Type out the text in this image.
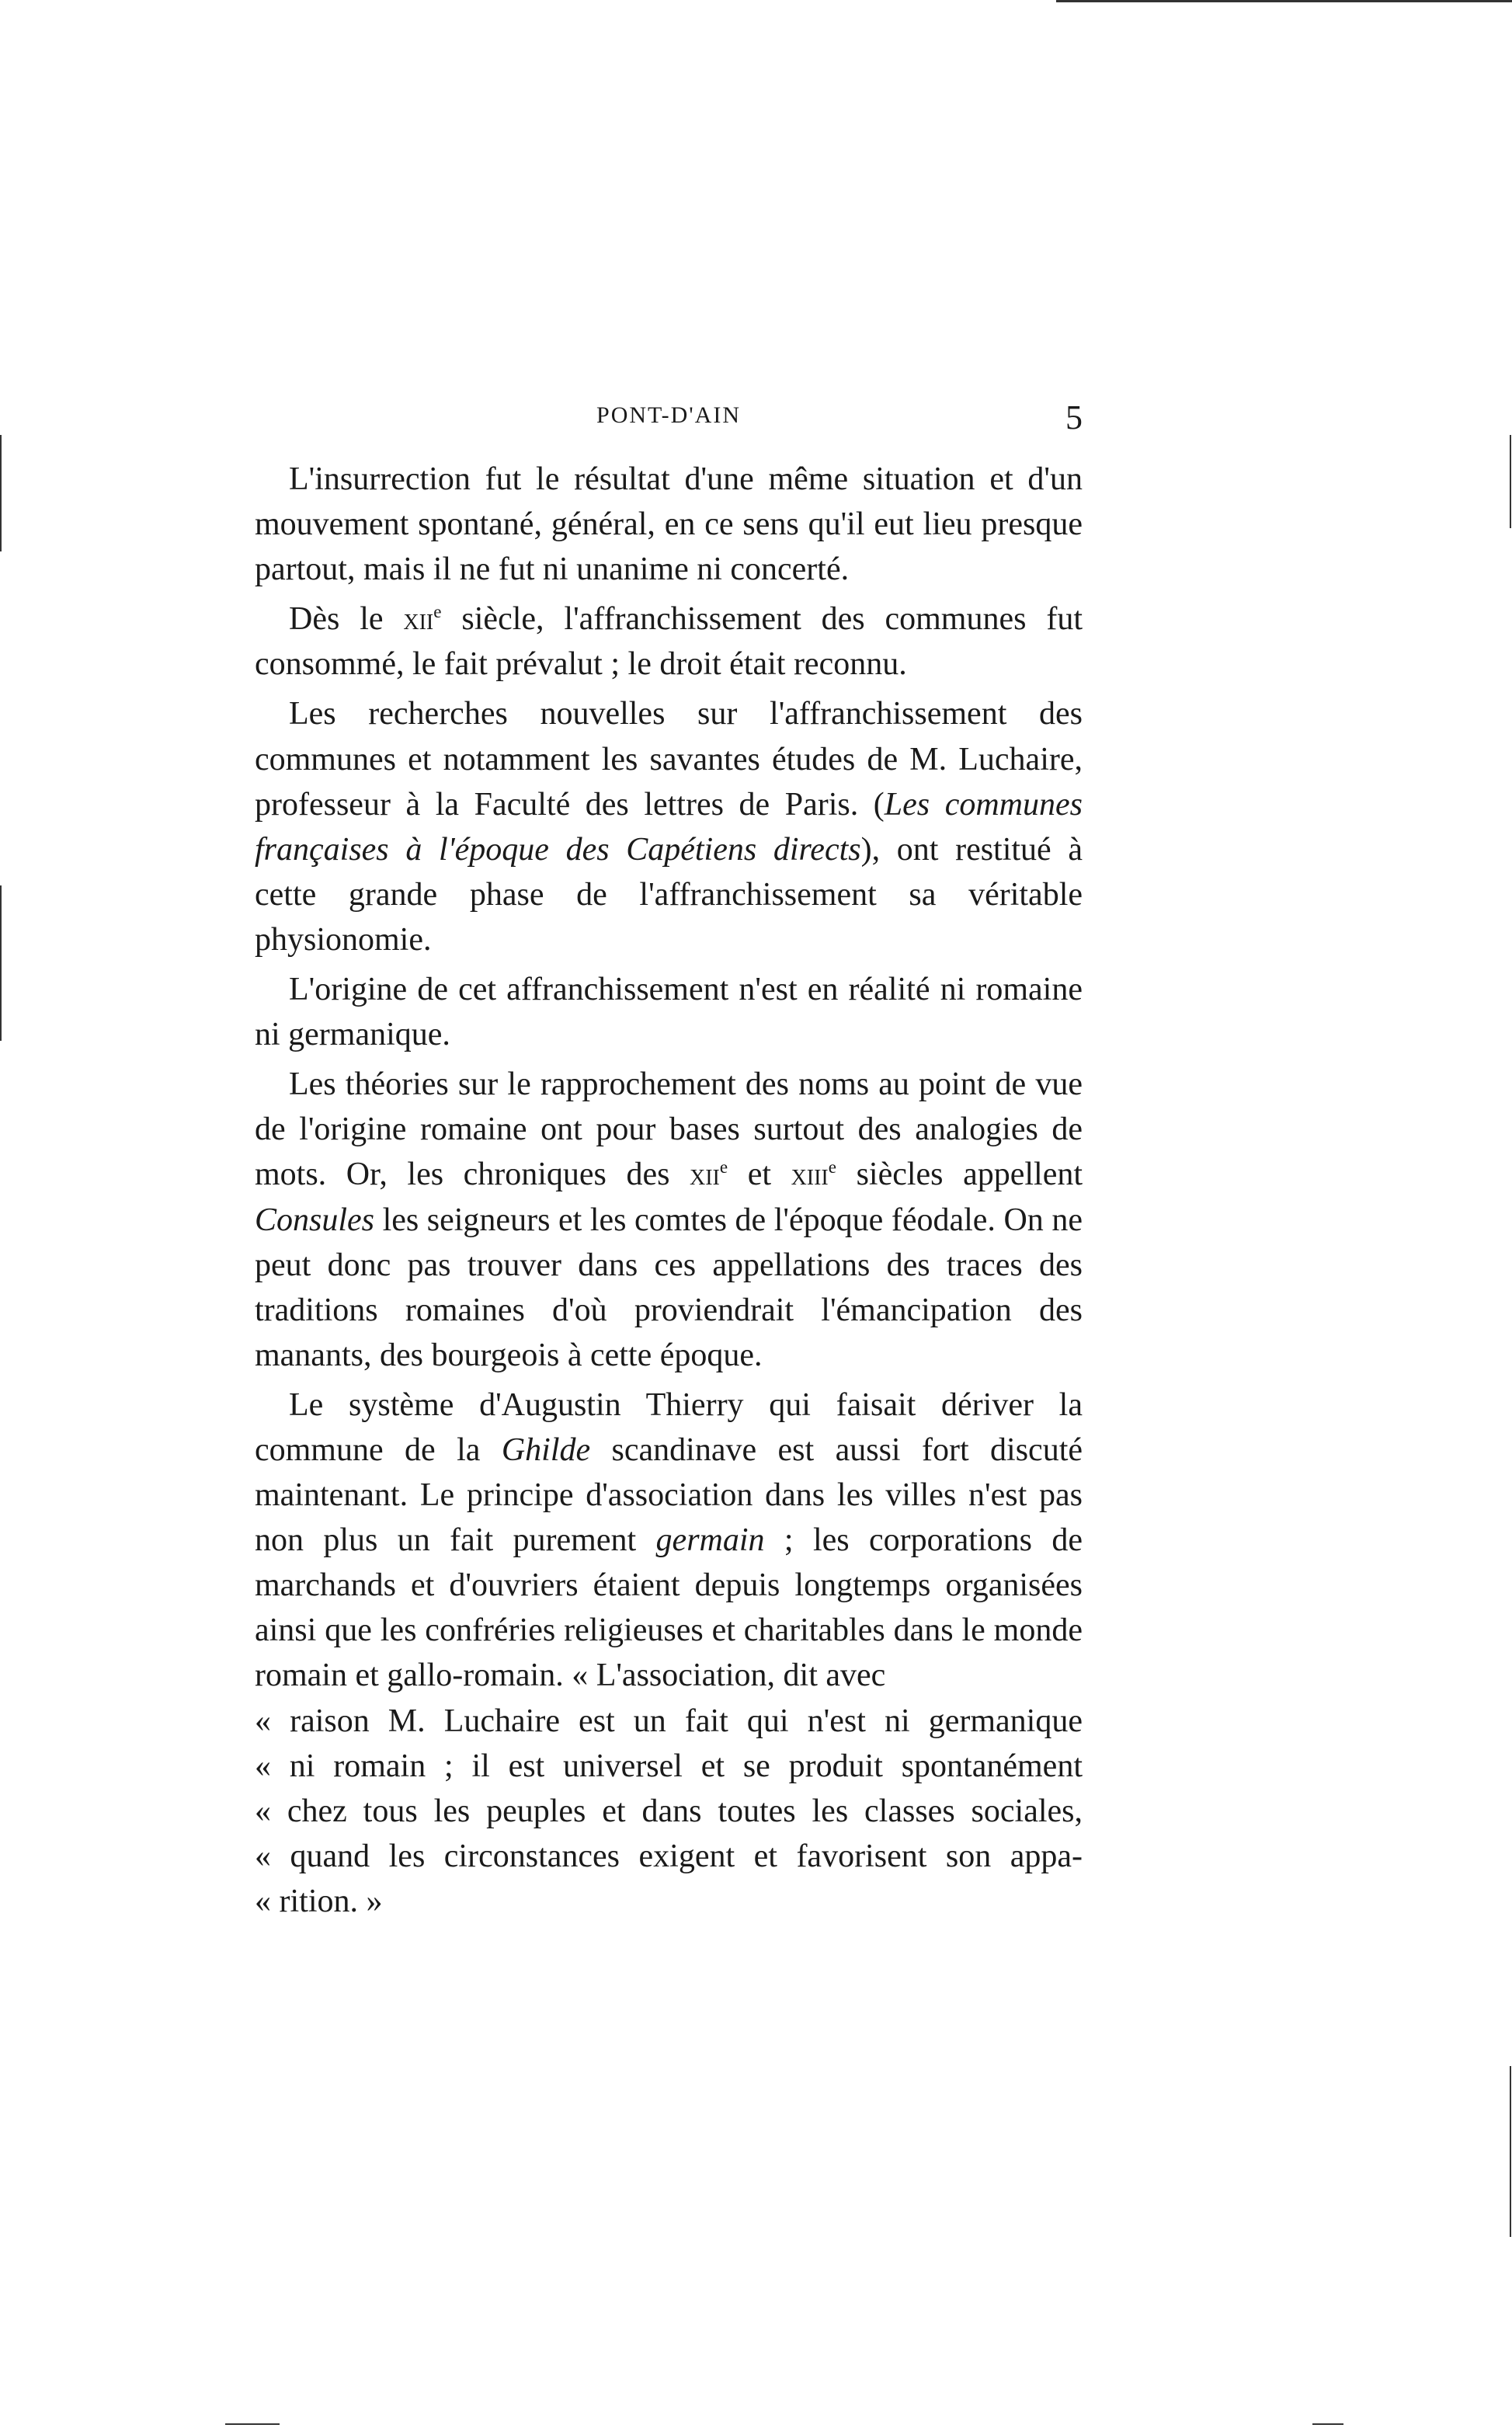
PONT-D'AIN	5

L'insurrection fut le résultat d'une même situation et d'un mouvement spontané, général, en ce sens qu'il eut lieu presque partout, mais il ne fut ni unanime ni concerté.

Dès le xii$^e$ siècle, l'affranchissement des communes fut consommé, le fait prévalut ; le droit était reconnu.

Les recherches nouvelles sur l'affranchissement des communes et notamment les savantes études de M. Luchaire, professeur à la Faculté des lettres de Paris. (Les communes françaises à l'époque des Capétiens directs), ont restitué à cette grande phase de l'affranchissement sa véritable physionomie.

L'origine de cet affranchissement n'est en réalité ni romaine ni germanique.

Les théories sur le rapprochement des noms au point de vue de l'origine romaine ont pour bases surtout des analogies de mots. Or, les chroniques des xii$^e$ et xiii$^e$ siècles appellent Consules les seigneurs et les comtes de l'époque féodale. On ne peut donc pas trouver dans ces appellations des traces des traditions romaines d'où proviendrait l'émancipation des manants, des bourgeois à cette époque.

Le système d'Augustin Thierry qui faisait dériver la commune de la Ghilde scandinave est aussi fort discuté maintenant. Le principe d'association dans les villes n'est pas non plus un fait purement germain ; les corporations de marchands et d'ouvriers étaient depuis longtemps organisées ainsi que les confréries religieuses et charitables dans le monde romain et gallo-romain. « L'association, dit avec
« raison M. Luchaire est un fait qui n'est ni germanique
« ni romain ; il est universel et se produit spontanément
« chez tous les peuples et dans toutes les classes sociales,
« quand les circonstances exigent et favorisent son appa-
« rition. »
